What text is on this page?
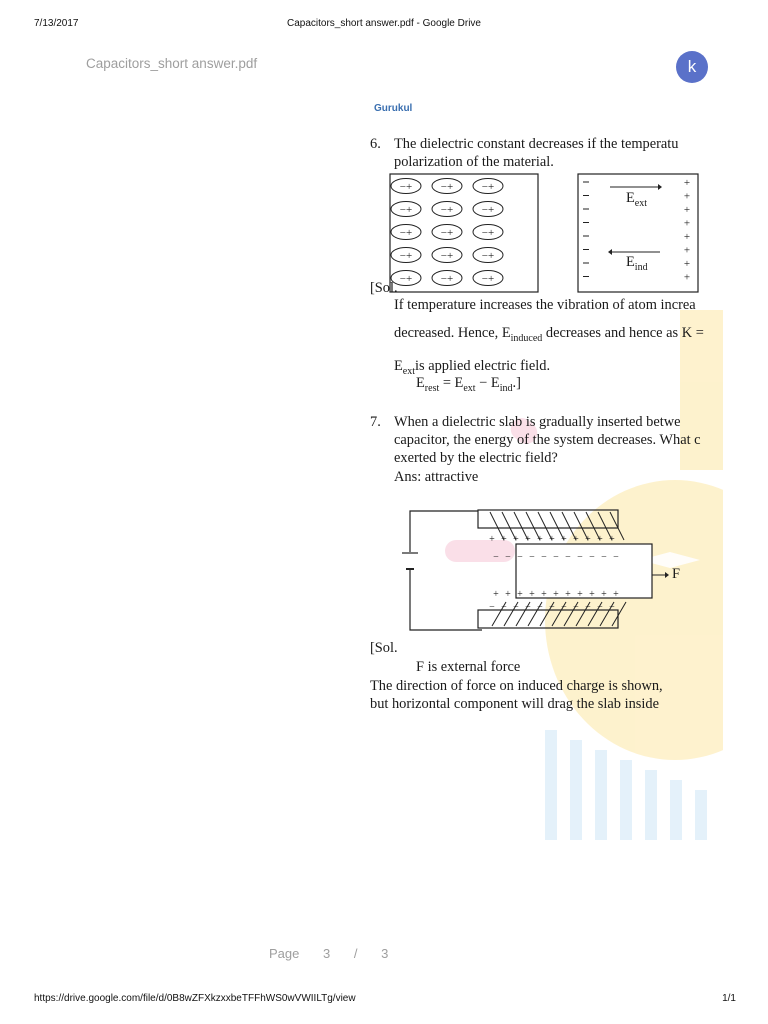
7/13/2017	Capacitors_short answer.pdf - Google Drive
Capacitors_short answer.pdf	k
−+	−+	−+
−+	−+	−+
−+	−+	−+
−+	−+	−+
−+	−+	−+
+
+
+
+
+
+
+
+
+
−
+
−
+
−
+
−
+
−
+
−
+
−
+
−
+
−
+
−
+
−
+
−
+
−
+
−
+
−
+
−
+
−
+
−
+
−
+
−
+
−
+
−
Gurukul
6. The dielectric constant decreases if the temperatu
polarization of the material.
$E_{ext}$
$E_{ind}$
[Sol.
If temperature increases the vibration of atom increa
decreased. Hence, $E_{induced}$ decreases and hence as K =
$E_{ext}is$ applied electric field.
$E_{rest} = E_{ext} - E_{ind}$.]
7. When a dielectric slab is gradually inserted betwe
capacitor, the energy of the system decreases. What c
exerted by the electric field?
Ans: attractive
F
[Sol.
F is external force
The direction of force on induced charge is shown,
but horizontal component will drag the slab inside
Page 3 / 3
https://drive.google.com/file/d/0B8wZFXkzxxbeTFFhWS0wVWIILTg/view	1/1
